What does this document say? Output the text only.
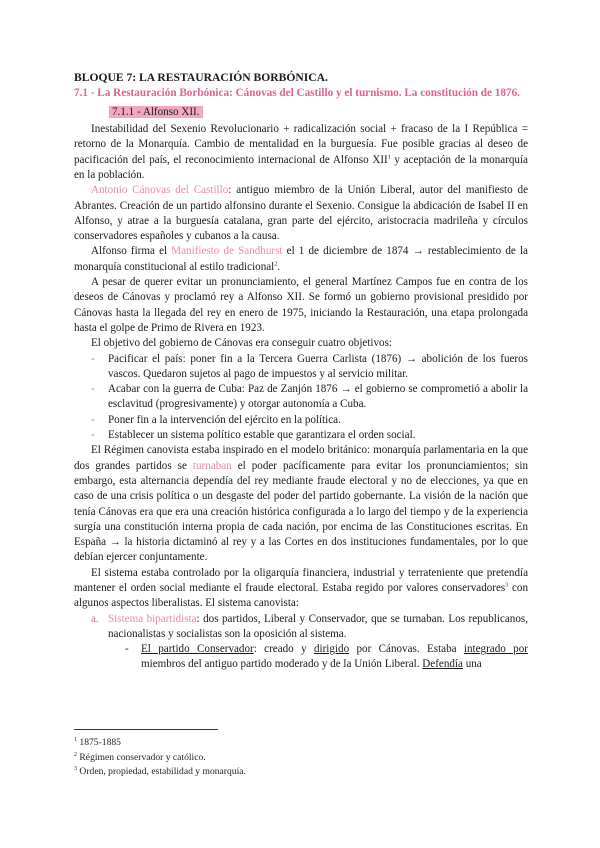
BLOQUE 7: LA RESTAURACIÓN BORBÓNICA.
7.1 - La Restauración Borbónica: Cánovas del Castillo y el turnismo. La constitución de 1876.
7.1.1 - Alfonso XII.

Inestabilidad del Sexenio Revolucionario + radicalización social + fracaso de la I República = retorno de la Monarquía. Cambio de mentalidad en la burguesía. Fue posible gracias al deseo de pacificación del país, el reconocimiento internacional de Alfonso XII$^1$ y aceptación de la monarquía en la población.

Antonio Cánovas del Castillo: antiguo miembro de la Unión Liberal, autor del manifiesto de Abrantes. Creación de un partido alfonsino durante el Sexenio. Consigue la abdicación de Isabel II en Alfonso, y atrae a la burguesía catalana, gran parte del ejército, aristocracia madrileña y círculos conservadores españoles y cubanos a la causa.

Alfonso firma el Manifiesto de Sandhurst el 1 de diciembre de 1874 → restablecimiento de la monarquía constitucional al estilo tradicional$^2$.

A pesar de querer evitar un pronunciamiento, el general Martínez Campos fue en contra de los deseos de Cánovas y proclamó rey a Alfonso XII. Se formó un gobierno provisional presidido por Cánovas hasta la llegada del rey en enero de 1975, iniciando la Restauración, una etapa prolongada hasta el golpe de Primo de Rivera en 1923.

El objetivo del gobierno de Cánovas era conseguir cuatro objetivos:

- Pacificar el país: poner fin a la Tercera Guerra Carlista (1876) → abolición de los fueros vascos. Quedaron sujetos al pago de impuestos y al servicio militar.
- Acabar con la guerra de Cuba: Paz de Zanjón 1876 → el gobierno se comprometió a abolir la esclavitud (progresivamente) y otorgar autonomía a Cuba.
- Poner fin a la intervención del ejército en la política.
- Establecer un sistema político estable que garantizara el orden social.

El Régimen canovista estaba inspirado en el modelo británico: monarquía parlamentaria en la que dos grandes partidos se turnaban el poder pacíficamente para evitar los pronunciamientos; sin embargo, esta alternancia dependía del rey mediante fraude electoral y no de elecciones, ya que en caso de una crisis política o un desgaste del poder del partido gobernante. La visión de la nación que tenía Cánovas era que era una creación histórica configurada a lo largo del tiempo y de la experiencia surgía una constitución interna propia de cada nación, por encima de las Constituciones escritas. En España → la historia dictaminó al rey y a las Cortes en dos instituciones fundamentales, por lo que debían ejercer conjuntamente.

El sistema estaba controlado por la oligarquía financiera, industrial y terrateniente que pretendía mantener el orden social mediante el fraude electoral. Estaba regido por valores conservadores$^3$ con algunos aspectos liberalistas. El sistema canovista:

a. Sistema bipartidista: dos partidos, Liberal y Conservador, que se turnaban. Los republicanos, nacionalistas y socialistas son la oposición al sistema.
- El partido Conservador: creado y dirigido por Cánovas. Estaba integrado por miembros del antiguo partido moderado y de la Unión Liberal. Defendía una
$^1$ 1875-1885
$^2$ Régimen conservador y católico.
$^3$ Orden, propiedad, estabilidad y monarquía.
